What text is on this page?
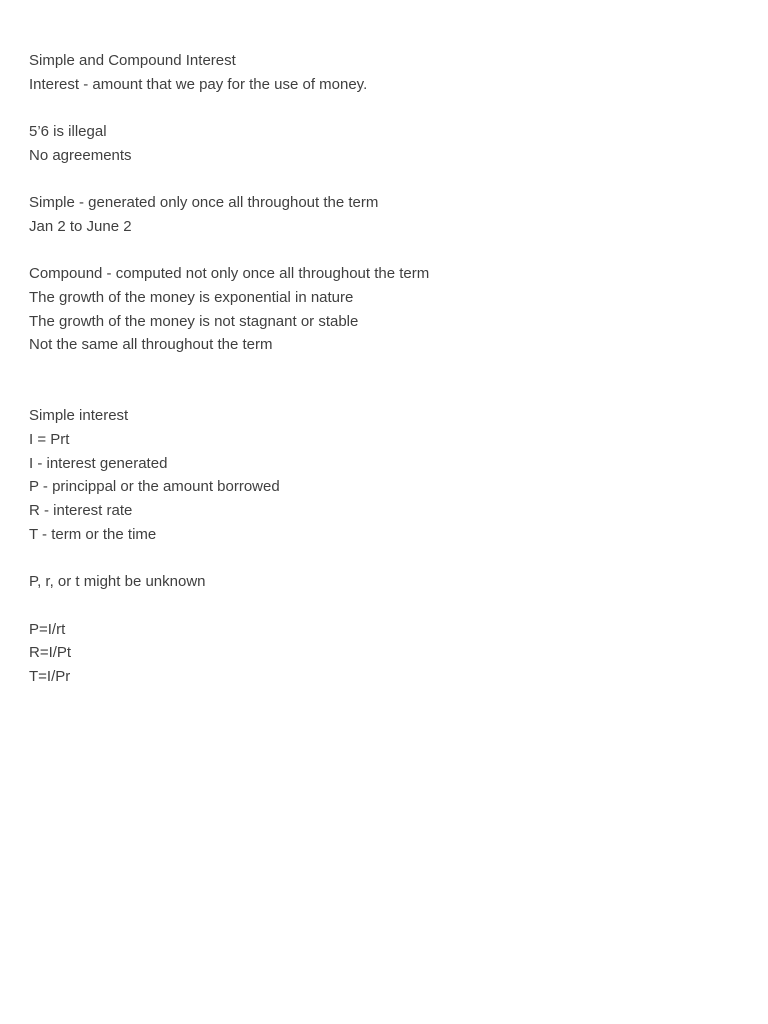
Simple and Compound Interest
Interest - amount that we pay for the use of money.
5’6 is illegal
No agreements
Simple - generated only once all throughout the term
Jan 2 to June 2
Compound - computed not only once all throughout the term
The growth of the money is exponential in nature
The growth of the money is not stagnant or stable
Not the same all throughout the term
Simple interest
I = Prt
I - interest generated
P - princippal or the amount borrowed
R - interest rate
T - term or the time
P, r, or t might be unknown
P=I/rt
R=I/Pt
T=I/Pr
